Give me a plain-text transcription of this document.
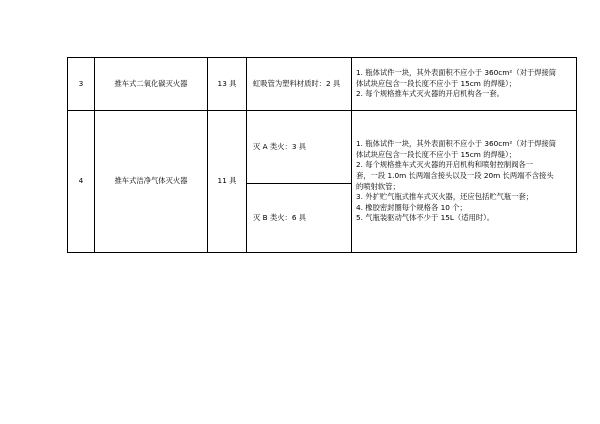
3	推车式二氧化碳灭火器	13 具	虹吸管为塑料材质时：2 具	1. 瓶体试件一块，其外表面积不应小于 360cm²（对于焊接筒
体试块应包含一段长度不应小于 15cm 的焊缝）；
2. 每个规格推车式灭火器的开启机构各一套。

4	推车式洁净气体灭火器	11 具	灭 A 类火：3 具	1. 瓶体试件一块，其外表面积不应小于 360cm²（对于焊接筒
体试块应包含一段长度不应小于 15cm 的焊缝）；
2. 每个规格推车式灭火器的开启机构和喷射控制阀各一
套，一段 1.0m 长两端含接头以及一段 20m 长两端不含接头
的喷射软管；
3. 外扩贮气瓶式推车式灭火器，还应包括贮气瓶一套；
4. 橡胶密封圈每个规格各 10 个；
5. 气瓶装驱动气体不少于 15L（适用时）。

			灭 B 类火：6 具	
